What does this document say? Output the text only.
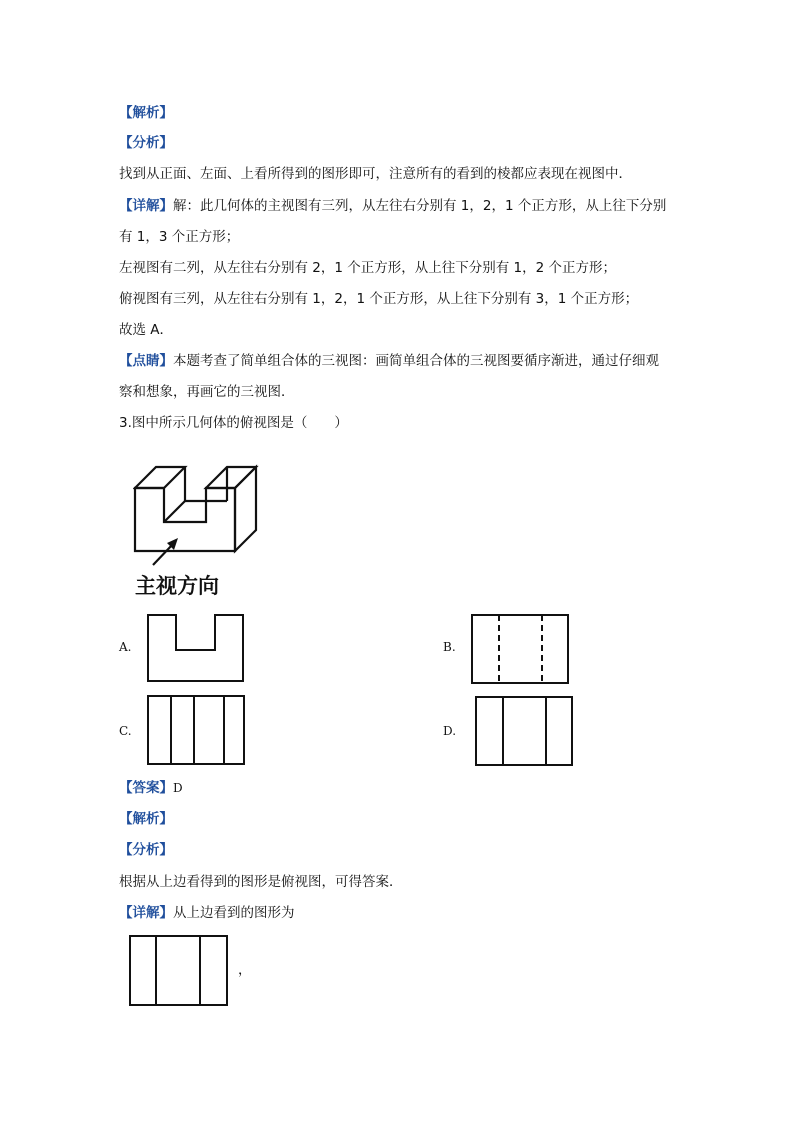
【解析】
【分析】
找到从正面、左面、上看所得到的图形即可，注意所有的看到的棱都应表现在视图中．
【详解】解：此几何体的主视图有三列，从左往右分别有 1，2，1 个正方形，从上往下分别
有 1，3 个正方形；
左视图有二列，从左往右分别有 2，1 个正方形，从上往下分别有 1，2 个正方形；
俯视图有三列，从左往右分别有 1，2，1 个正方形，从上往下分别有 3，1 个正方形；
故选 A．
【点睛】本题考查了简单组合体的三视图：画简单组合体的三视图要循序渐进，通过仔细观
察和想象，再画它的三视图．
3.图中所示几何体的俯视图是（　　）
主视方向
A.	B.
C.	D.
【答案】D
【解析】
【分析】
根据从上边看得到的图形是俯视图，可得答案．
【详解】从上边看到的图形为
，
